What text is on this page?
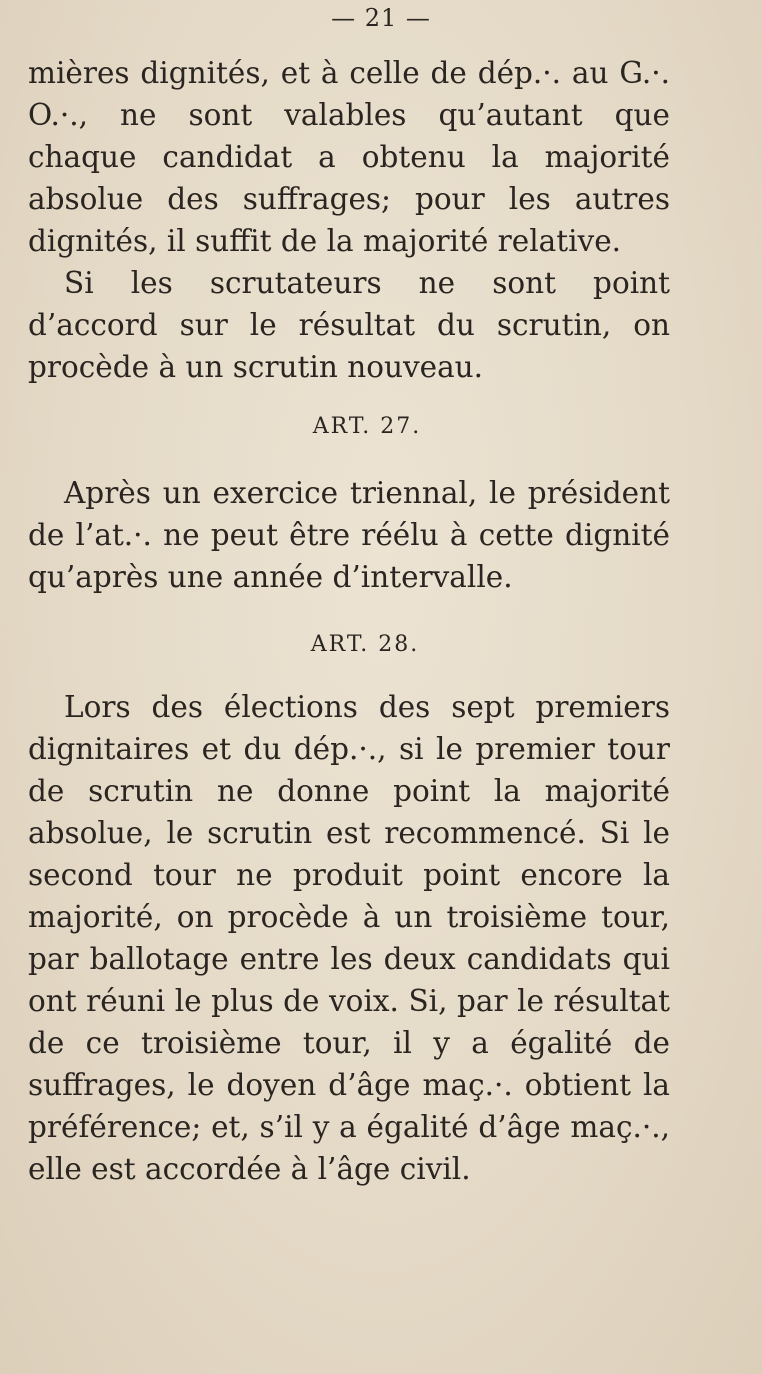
— 21 —

mières dignités, et à celle de dép.·. au G.·. O.·., ne sont valables qu’autant que chaque candidat a obtenu la majorité absolue des suffrages; pour les autres dignités, il suffit de la majorité relative.

Si les scrutateurs ne sont point d’accord sur le résultat du scrutin, on procède à un scrutin nouveau.

ART. 27.

Après un exercice triennal, le président de l’at.·. ne peut être réélu à cette dignité qu’après une année d’intervalle.

ART. 28.

Lors des élections des sept premiers dignitaires et du dép.·., si le premier tour de scrutin ne donne point la majorité absolue, le scrutin est recommencé. Si le second tour ne produit point encore la majorité, on procède à un troisième tour, par ballotage entre les deux candidats qui ont réuni le plus de voix. Si, par le résultat de ce troisième tour, il y a égalité de suffrages, le doyen d’âge maç.·. obtient la préférence; et, s’il y a égalité d’âge maç.·., elle est accordée à l’âge civil.
